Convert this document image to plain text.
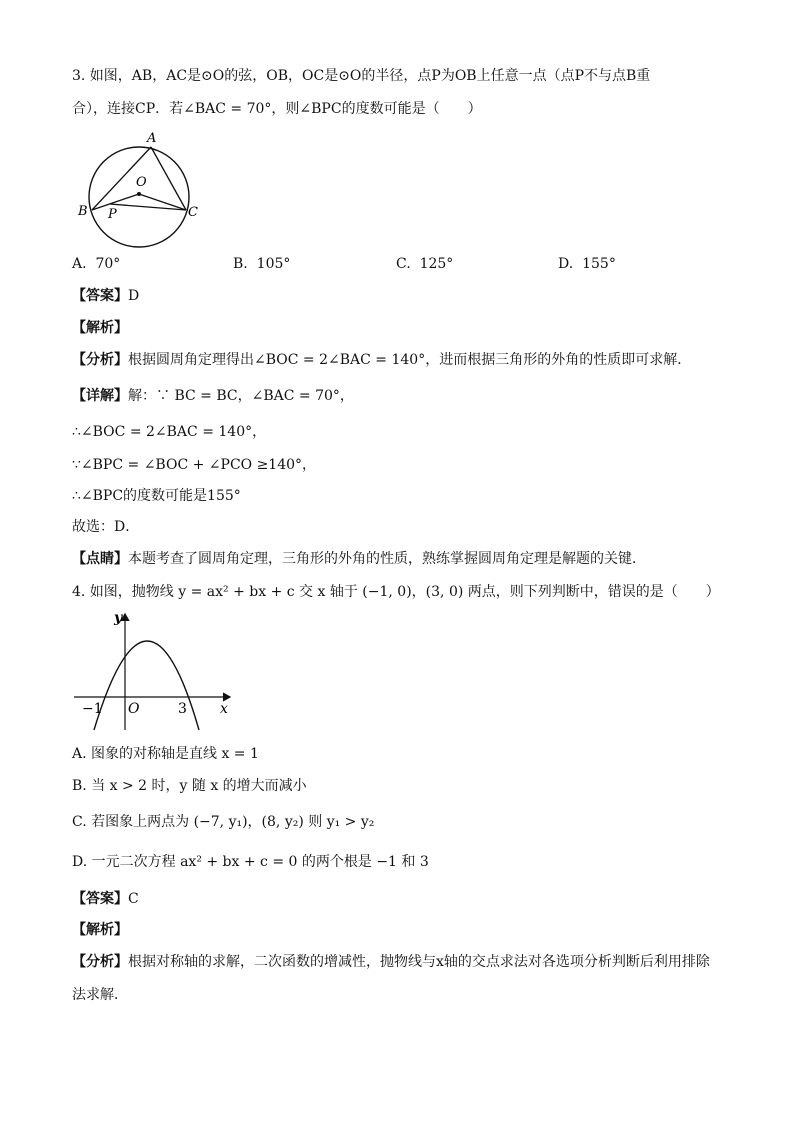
3. 如图，AB，AC是⊙O的弦，OB，OC是⊙O的半径，点P为OB上任意一点（点P不与点B重
合），连接CP．若∠BAC = 70°，则∠BPC的度数可能是（　　）
A
O
B P	C
A. 70°	B. 105°	C. 125°	D. 155°
【答案】D
【解析】
【分析】根据圆周角定理得出∠BOC = 2∠BAC = 140°，进而根据三角形的外角的性质即可求解．
【详解】解：∵ BC = BC，∠BAC = 70°，
∴∠BOC = 2∠BAC = 140°，
∵∠BPC = ∠BOC + ∠PCO ≥140°，
∴∠BPC的度数可能是155°
故选：D．
【点睛】本题考查了圆周角定理，三角形的外角的性质，熟练掌握圆周角定理是解题的关键．
4. 如图，抛物线 y = ax² + bx + c 交 x 轴于 (−1, 0)，(3, 0) 两点，则下列判断中，错误的是（　　）
y
x
O
−1	3
A. 图象的对称轴是直线 x = 1
B. 当 x > 2 时，y 随 x 的增大而减小
C. 若图象上两点为 (−7, y₁)，(8, y₂) 则 y₁ > y₂
D. 一元二次方程 ax² + bx + c = 0 的两个根是 −1 和 3
【答案】C
【解析】
【分析】根据对称轴的求解，二次函数的增减性，抛物线与x轴的交点求法对各选项分析判断后利用排除
法求解．
